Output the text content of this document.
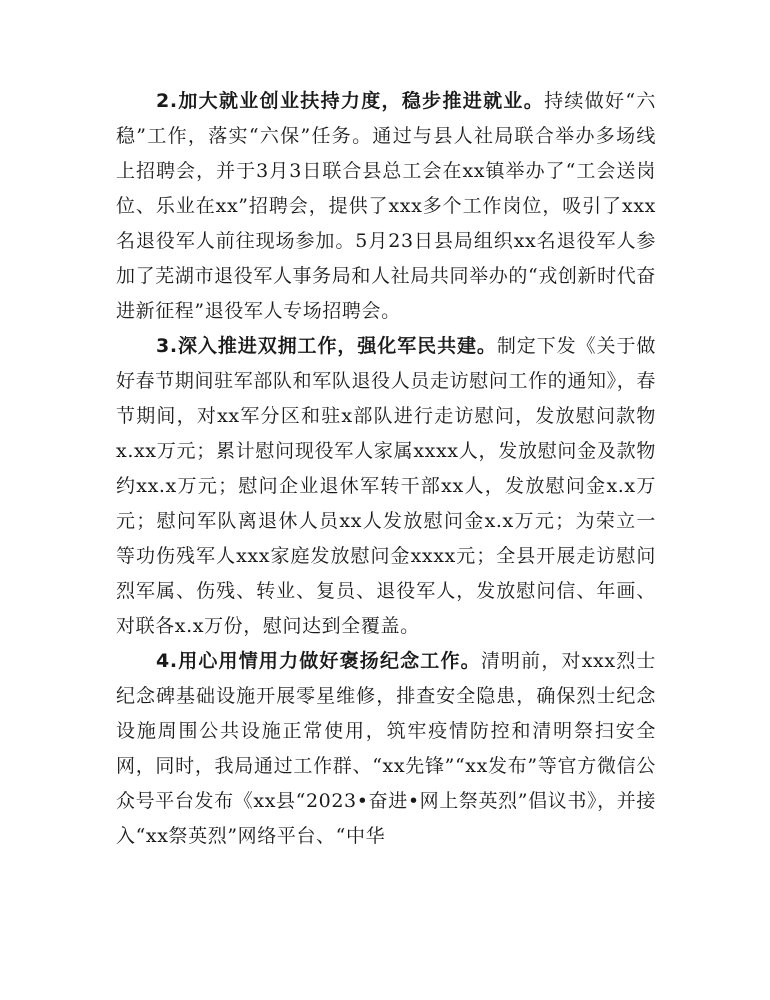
2.加大就业创业扶持力度，稳步推进就业。持续做好“六稳”工作，落实“六保”任务。通过与县人社局联合举办多场线上招聘会，并于3月3日联合县总工会在xx镇举办了“工会送岗位、乐业在xx”招聘会，提供了xxx多个工作岗位，吸引了xxx名退役军人前往现场参加。5月23日县局组织xx名退役军人参加了芜湖市退役军人事务局和人社局共同举办的“戎创新时代奋进新征程”退役军人专场招聘会。

3.深入推进双拥工作，强化军民共建。制定下发《关于做好春节期间驻军部队和军队退役人员走访慰问工作的通知》，春节期间，对xx军分区和驻x部队进行走访慰问，发放慰问款物x.xx万元；累计慰问现役军人家属xxxx人，发放慰问金及款物约xx.x万元；慰问企业退休军转干部xx人，发放慰问金x.x万元；慰问军队离退休人员xx人发放慰问金x.x万元；为荣立一等功伤残军人xxx家庭发放慰问金xxxx元；全县开展走访慰问烈军属、伤残、转业、复员、退役军人，发放慰问信、年画、对联各x.x万份，慰问达到全覆盖。

4.用心用情用力做好褒扬纪念工作。清明前，对xxx烈士纪念碑基础设施开展零星维修，排查安全隐患，确保烈士纪念设施周围公共设施正常使用，筑牢疫情防控和清明祭扫安全网，同时，我局通过工作群、“xx先锋”“xx发布”等官方微信公众号平台发布《xx县“2023•奋进•网上祭英烈”倡议书》，并接入“xx祭英烈”网络平台、“中华
